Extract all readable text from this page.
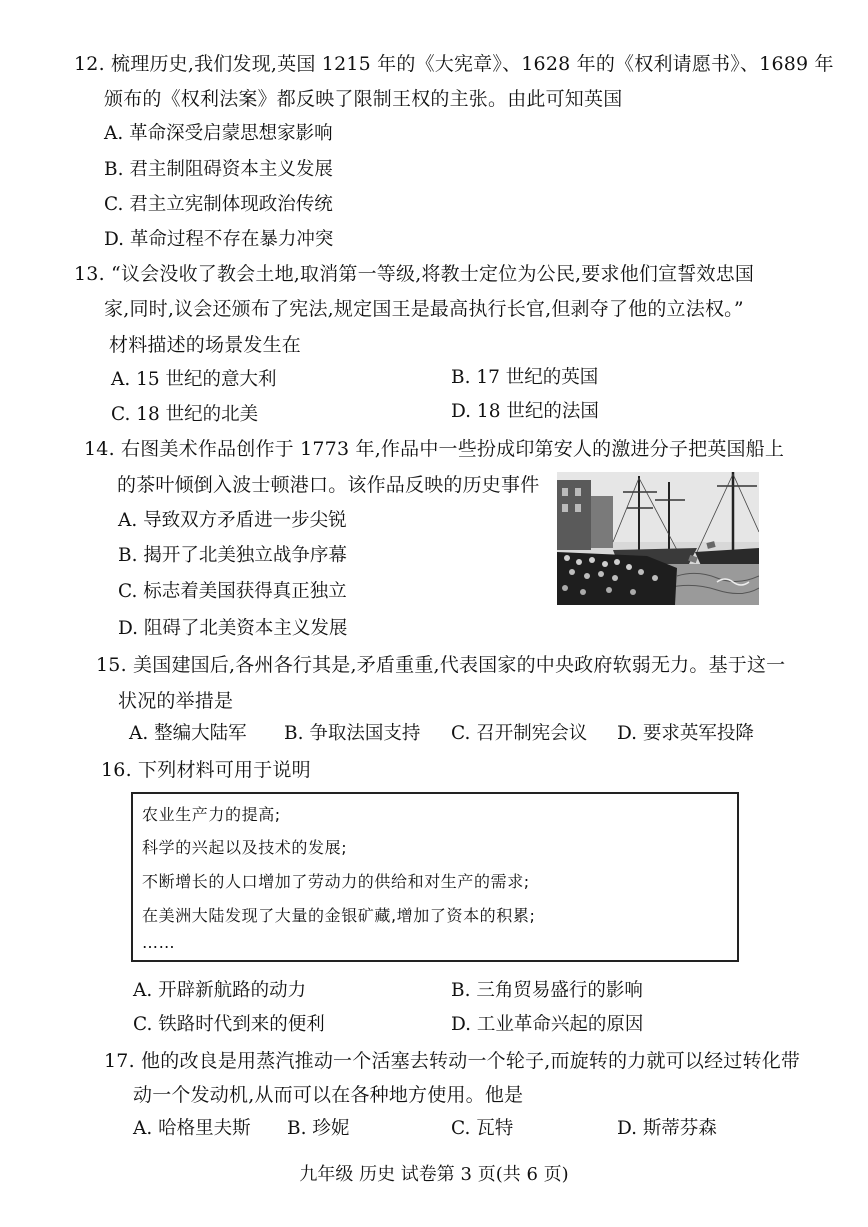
12. 梳理历史,我们发现,英国 1215 年的《大宪章》、1628 年的《权利请愿书》、1689 年
颁布的《权利法案》都反映了限制王权的主张。由此可知英国
A. 革命深受启蒙思想家影响
B. 君主制阻碍资本主义发展
C. 君主立宪制体现政治传统
D. 革命过程不存在暴力冲突
13. “议会没收了教会土地,取消第一等级,将教士定位为公民,要求他们宣誓效忠国
家,同时,议会还颁布了宪法,规定国王是最高执行长官,但剥夺了他的立法权。”
材料描述的场景发生在
A. 15 世纪的意大利	B. 17 世纪的英国
C. 18 世纪的北美	D. 18 世纪的法国
14. 右图美术作品创作于 1773 年,作品中一些扮成印第安人的激进分子把英国船上
的茶叶倾倒入波士顿港口。该作品反映的历史事件
A. 导致双方矛盾进一步尖锐
B. 揭开了北美独立战争序幕
C. 标志着美国获得真正独立
D. 阻碍了北美资本主义发展
15. 美国建国后,各州各行其是,矛盾重重,代表国家的中央政府软弱无力。基于这一
状况的举措是
A. 整编大陆军 B. 争取法国支持 C. 召开制宪会议 D. 要求英军投降
16. 下列材料可用于说明
农业生产力的提高;
科学的兴起以及技术的发展;
不断增长的人口增加了劳动力的供给和对生产的需求;
在美洲大陆发现了大量的金银矿藏,增加了资本的积累;
……
A. 开辟新航路的动力	B. 三角贸易盛行的影响
C. 铁路时代到来的便利	D. 工业革命兴起的原因
17. 他的改良是用蒸汽推动一个活塞去转动一个轮子,而旋转的力就可以经过转化带
动一个发动机,从而可以在各种地方使用。他是
A. 哈格里夫斯 B. 珍妮	C. 瓦特	D. 斯蒂芬森
九年级 历史 试卷第 3 页(共 6 页)
